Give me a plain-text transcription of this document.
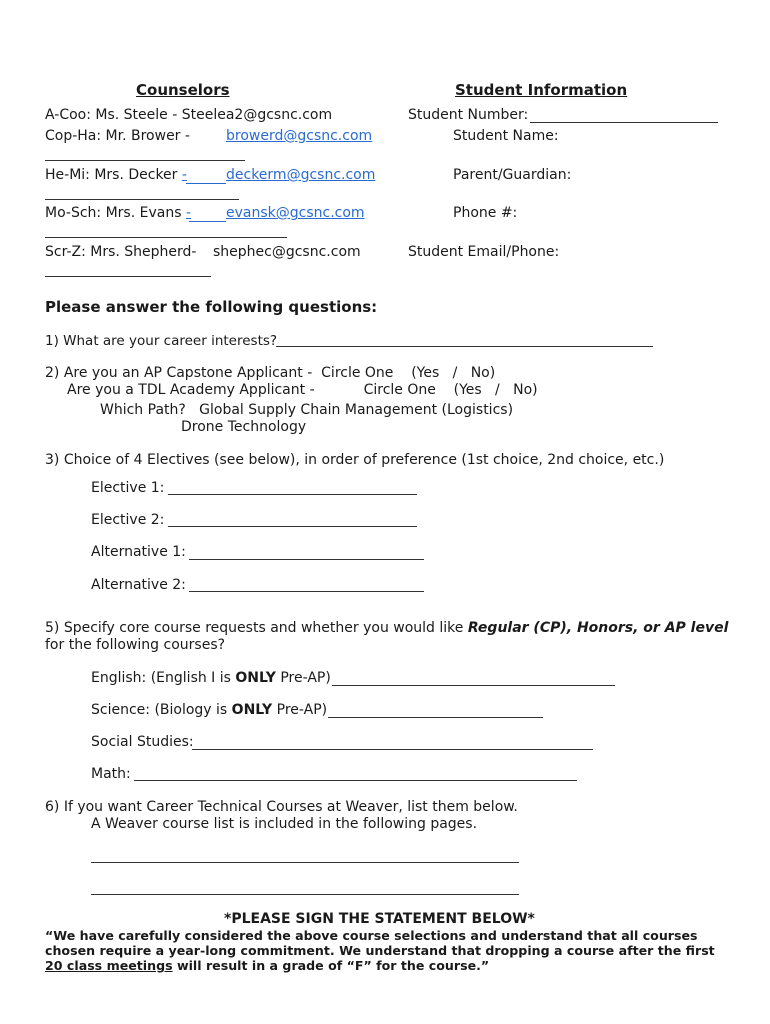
Counselors	Student Information
A-Coo: Ms. Steele - Steelea2@gcsnc.com
Cop-Ha: Mr. Brower -	browerd@gcsnc.com
He-Mi: Mrs. Decker -	deckerm@gcsnc.com
Mo-Sch: Mrs. Evans -	evansk@gcsnc.com
Scr-Z: Mrs. Shepherd- shephec@gcsnc.com
Student Number:
Student Name:
Parent/Guardian:
Phone #:
Student Email/Phone:
Please answer the following questions:
1) What are your career interests?
2) Are you an AP Capstone Applicant -  Circle One    (Yes   /   No)
Are you a TDL Academy Applicant -           Circle One    (Yes   /   No)
Which Path?   Global Supply Chain Management (Logistics)
Drone Technology
3) Choice of 4 Electives (see below), in order of preference (1st choice, 2nd choice, etc.)
Elective 1:
Elective 2:
Alternative 1:
Alternative 2:
5) Specify core course requests and whether you would like Regular (CP), Honors, or AP level
for the following courses?
English: (English I is ONLY Pre-AP)
Science: (Biology is ONLY Pre-AP)
Social Studies:
Math:
6) If you want Career Technical Courses at Weaver, list them below.
A Weaver course list is included in the following pages.
*PLEASE SIGN THE STATEMENT BELOW*
“We have carefully considered the above course selections and understand that all courses
chosen require a year-long commitment. We understand that dropping a course after the first
20 class meetings will result in a grade of “F” for the course.”
